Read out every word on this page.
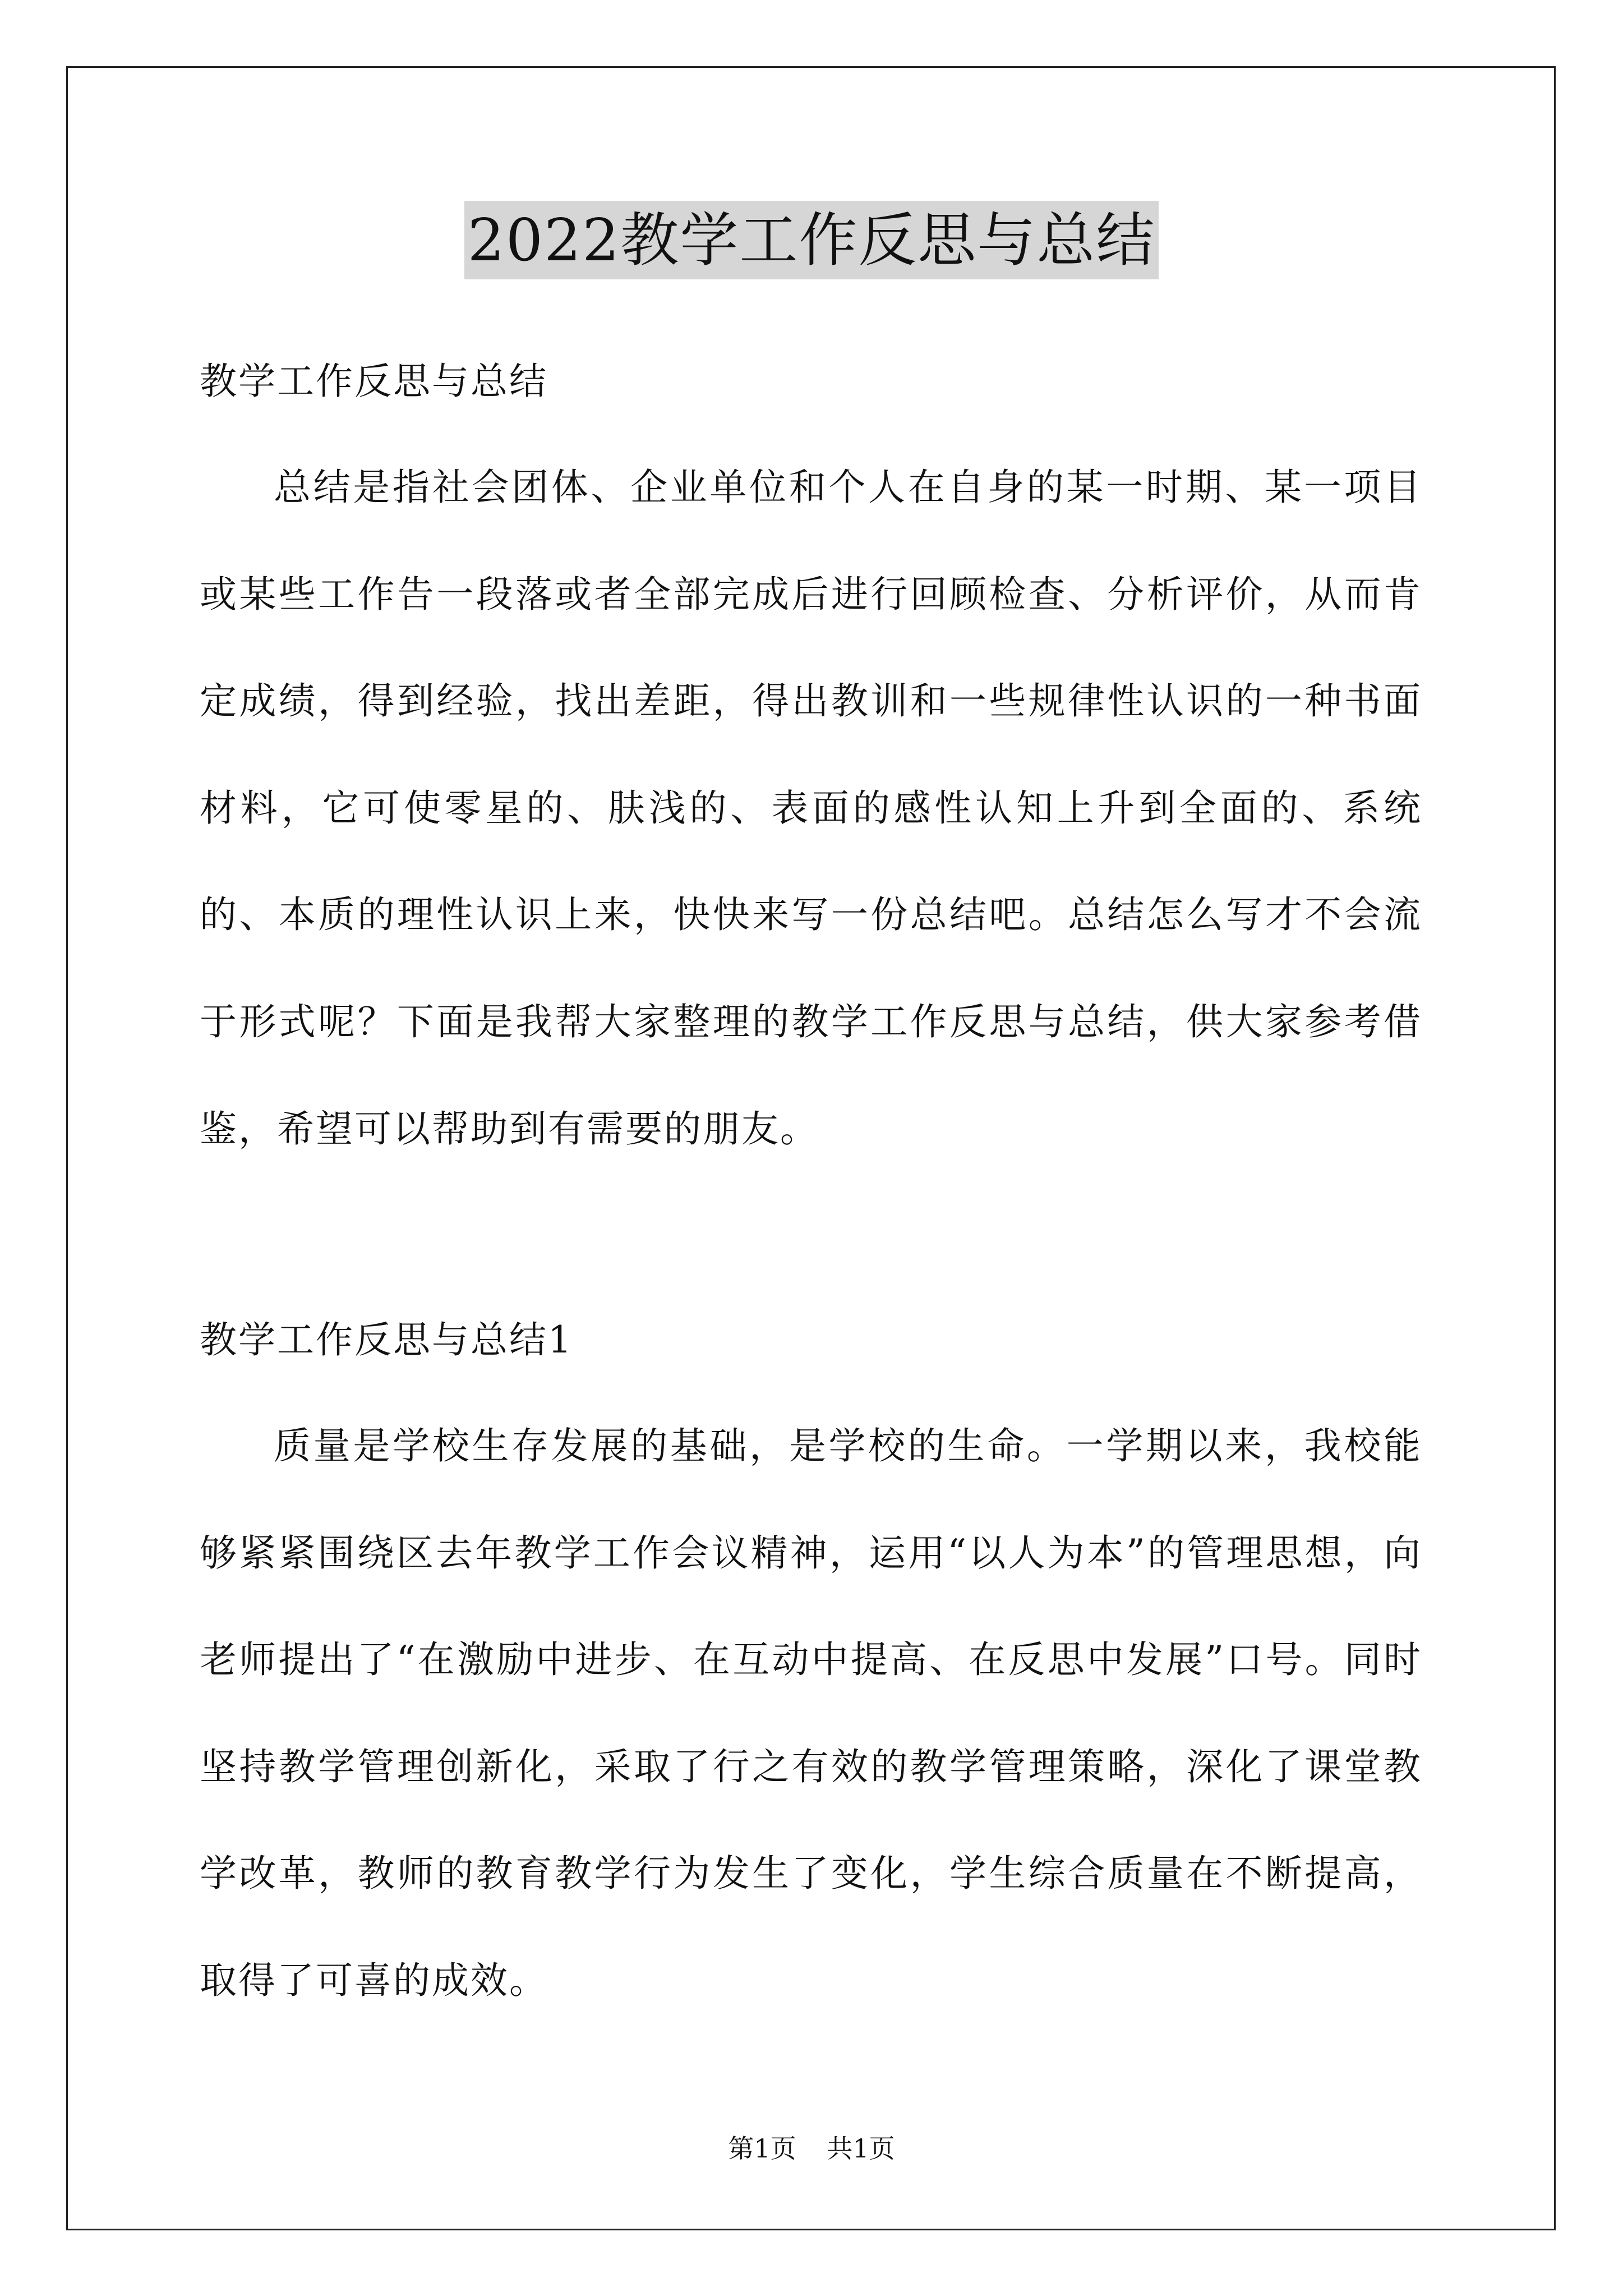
2022教学工作反思与总结
教学工作反思与总结

总结是指社会团体、企业单位和个人在自身的某一时期、某一项目或某些工作告一段落或者全部完成后进行回顾检查、分析评价，从而肯定成绩，得到经验，找出差距，得出教训和一些规律性认识的一种书面材料，它可使零星的、肤浅的、表面的感性认知上升到全面的、系统的、本质的理性认识上来，快快来写一份总结吧。总结怎么写才不会流于形式呢？下面是我帮大家整理的教学工作反思与总结，供大家参考借鉴，希望可以帮助到有需要的朋友。

教学工作反思与总结1

质量是学校生存发展的基础，是学校的生命。一学期以来，我校能够紧紧围绕区去年教学工作会议精神，运用“以人为本”的管理思想，向老师提出了“在激励中进步、在互动中提高、在反思中发展”口号。同时坚持教学管理创新化，采取了行之有效的教学管理策略，深化了课堂教学改革，教师的教育教学行为发生了变化，学生综合质量在不断提高，取得了可喜的成效。

第1页 共1页
